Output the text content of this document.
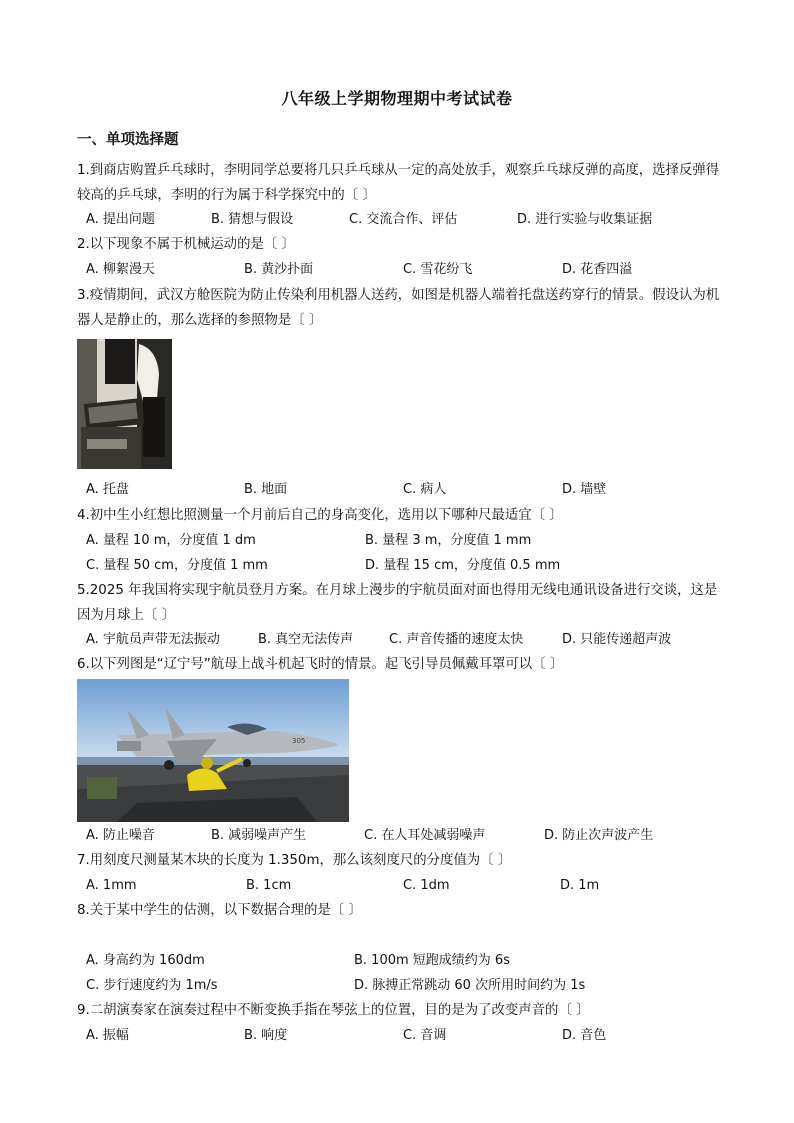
八年级上学期物理期中考试试卷
一、单项选择题
1.到商店购置乒乓球时，李明同学总要将几只乒乓球从一定的高处放手，观察乒乓球反弹的高度，选择反弹得较高的乒乓球，李明的行为属于科学探究中的〔 〕
A. 提出问题	B. 猜想与假设	C. 交流合作、评估	D. 进行实验与收集证据
2.以下现象不属于机械运动的是〔 〕
A. 柳絮漫天	B. 黄沙扑面	C. 雪花纷飞	D. 花香四溢
3.疫情期间，武汉方舱医院为防止传染利用机器人送药，如图是机器人端着托盘送药穿行的情景。假设认为机器人是静止的，那么选择的参照物是〔 〕
A. 托盘	B. 地面	C. 病人	D. 墙壁
4.初中生小红想比照测量一个月前后自己的身高变化，选用以下哪种尺最适宜〔 〕
A. 量程 10 m，分度值 1 dm	B. 量程 3 m，分度值 1 mm
C. 量程 50 cm，分度值 1 mm	D. 量程 15 cm，分度值 0.5 mm
5.2025 年我国将实现宇航员登月方案。在月球上漫步的宇航员面对面也得用无线电通讯设备进行交谈，这是因为月球上〔 〕
A. 宇航员声带无法振动	B. 真空无法传声	C. 声音传播的速度太快	D. 只能传递超声波
6.以下列图是“辽宁号”航母上战斗机起飞时的情景。起飞引导员佩戴耳罩可以〔 〕
305
A. 防止噪音	B. 减弱噪声产生	C. 在人耳处减弱噪声	D. 防止次声波产生
7.用刻度尺测量某木块的长度为 1.350m，那么该刻度尺的分度值为〔 〕
A. 1mm	B. 1cm	C. 1dm	D. 1m
8.关于某中学生的估测，以下数据合理的是〔 〕
A. 身高约为 160dm	B. 100m 短跑成绩约为 6s
C. 步行速度约为 1m/s	D. 脉搏正常跳动 60 次所用时间约为 1s
9.二胡演奏家在演奏过程中不断变换手指在琴弦上的位置，目的是为了改变声音的〔 〕
A. 振幅	B. 响度	C. 音调	D. 音色
